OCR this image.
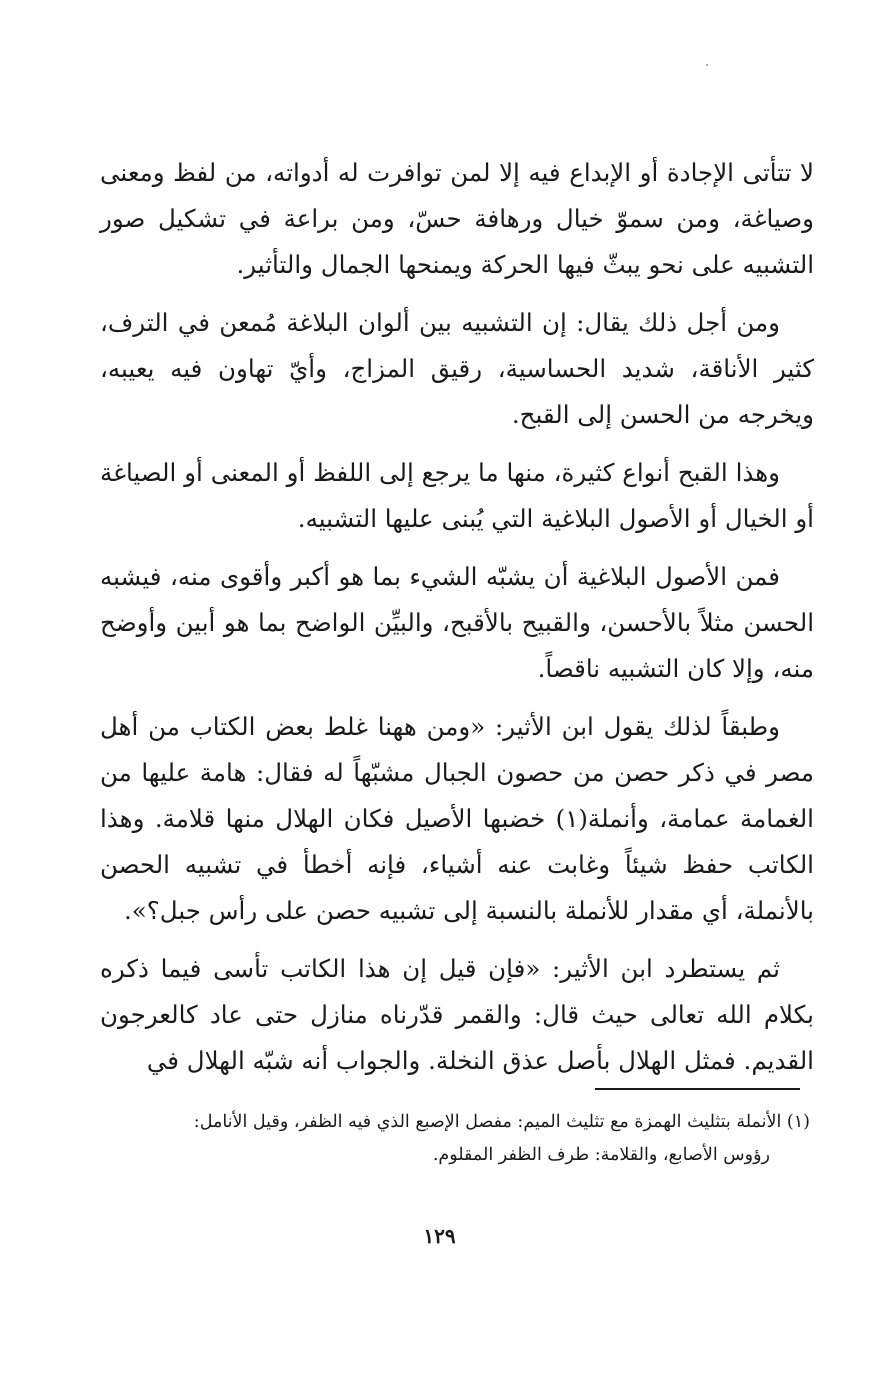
لا تتأتى الإجادة أو الإبداع فيه إلا لمن توافرت له أدواته، من لفظ ومعنى وصياغة، ومن سموّ خيال ورهافة حسّ، ومن براعة في تشكيل صور التشبيه على نحو يبثّ فيها الحركة ويمنحها الجمال والتأثير.

ومن أجل ذلك يقال: إن التشبيه بين ألوان البلاغة مُمعن في الترف، كثير الأناقة، شديد الحساسية، رقيق المزاج، وأيّ تهاون فيه يعيبه، ويخرجه من الحسن إلى القبح.

وهذا القبح أنواع كثيرة، منها ما يرجع إلى اللفظ أو المعنى أو الصياغة أو الخيال أو الأصول البلاغية التي يُبنى عليها التشبيه.

فمن الأصول البلاغية أن يشبّه الشيء بما هو أكبر وأقوى منه، فيشبه الحسن مثلاً بالأحسن، والقبيح بالأقبح، والبيِّن الواضح بما هو أبين وأوضح منه، وإلا كان التشبيه ناقصاً.

وطبقاً لذلك يقول ابن الأثير: «ومن ههنا غلط بعض الكتاب من أهل مصر في ذكر حصن من حصون الجبال مشبّهاً له فقال: هامة عليها من الغمامة عمامة، وأنملة(١) خضبها الأصيل فكان الهلال منها قلامة. وهذا الكاتب حفظ شيئاً وغابت عنه أشياء، فإنه أخطأ في تشبيه الحصن بالأنملة، أي مقدار للأنملة بالنسبة إلى تشبيه حصن على رأس جبل؟».

ثم يستطرد ابن الأثير: «فإن قيل إن هذا الكاتب تأسى فيما ذكره بكلام الله تعالى حيث قال: والقمر قدّرناه منازل حتى عاد كالعرجون القديم. فمثل الهلال بأصل عذق النخلة. والجواب أنه شبّه الهلال في

(١) الأنملة بتثليث الهمزة مع تثليث الميم: مفصل الإصبع الذي فيه الظفر، وقيل الأنامل:
رؤوس الأصابع، والقلامة: طرف الظفر المقلوم.
١٢٩
